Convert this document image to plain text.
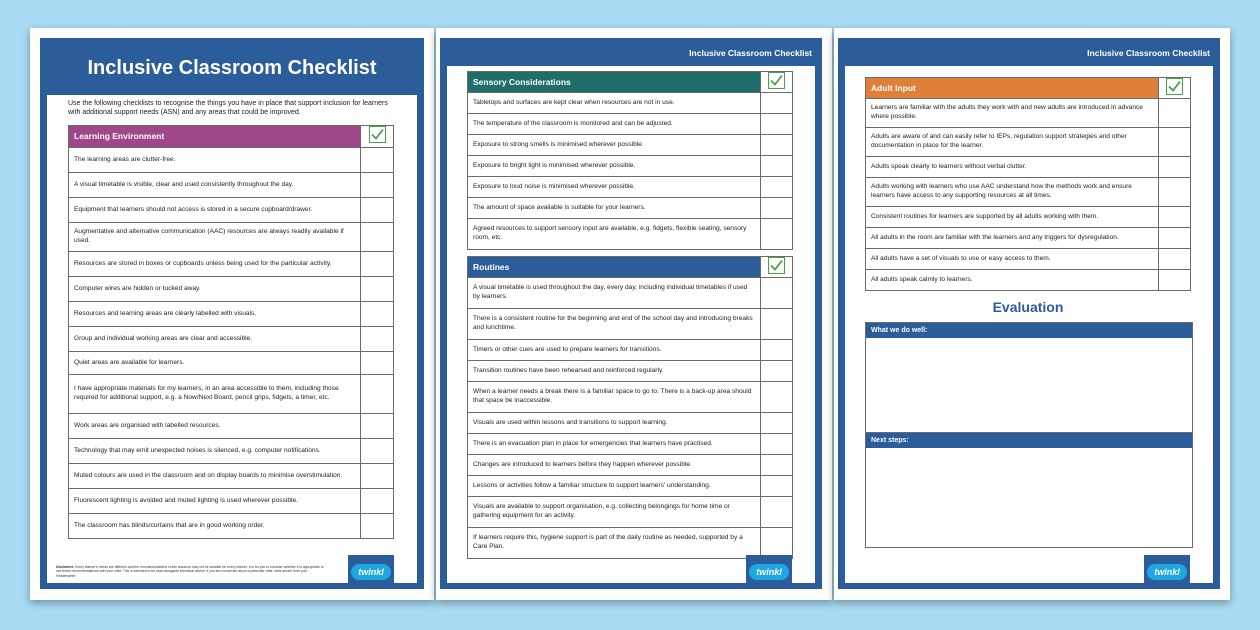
Inclusive Classroom Checklist
Use the following checklists to recognise the things you have in place that support inclusion for learners with additional support needs (ASN) and any areas that could be improved.
Learning Environment	
The learning areas are clutter-free.	
A visual timetable is visible, clear and used consistently throughout the day.	
Equipment that learners should not access is stored in a secure cupboard/drawer.	
Augmentative and alternative communication (AAC) resources are always readily available if used.	
Resources are stored in boxes or cupboards unless being used for the particular activity.	
Computer wires are hidden or tucked away.	
Resources and learning areas are clearly labelled with visuals.	
Group and individual working areas are clear and accessible.	
Quiet areas are available for learners.	
I have appropriate materials for my learners, in an area accessible to them, including those required for additional support, e.g. a Now/Next Board, pencil grips, fidgets, a timer, etc.	
Work areas are organised with labelled resources.	
Technology that may emit unexpected noises is silenced, e.g. computer notifications.	
Muted colours are used in the classroom and on display boards to minimise overstimulation.	
Fluorescent lighting is avoided and muted lighting is used wherever possible.	
The classroom has blinds/curtains that are in good working order.	
Disclaimer: Every learner's needs are different and the recommendations in this resource may not be suitable for every learner. It is for you to consider whether it is appropriate to use these recommendations with your child. This is intended to be used alongside individual advice, if you are concerned about a particular child, seek advice from your Headteacher.	twinkl
Inclusive Classroom Checklist
Sensory Considerations	
Tabletops and surfaces are kept clear when resources are not in use.	
The temperature of the classroom is monitored and can be adjusted.	
Exposure to strong smells is minimised wherever possible.	
Exposure to bright light is minimised wherever possible.	
Exposure to loud noise is minimised wherever possible.	
The amount of space available is suitable for your learners.	
Agreed resources to support sensory input are available, e.g. fidgets, flexible seating, sensory room, etc.	
Routines	
A visual timetable is used throughout the day, every day, including individual timetables if used by learners.	
There is a consistent routine for the beginning and end of the school day and introducing breaks and lunchtime.	
Timers or other cues are used to prepare learners for transitions.	
Transition routines have been rehearsed and reinforced regularly.	
When a learner needs a break there is a familiar space to go to. There is a back-up area should that space be inaccessible.	
Visuals are used within lessons and transitions to support learning.	
There is an evacuation plan in place for emergencies that learners have practised.	
Changes are introduced to learners before they happen wherever possible.	
Lessons or activities follow a familiar structure to support learners' understanding.	
Visuals are available to support organisation, e.g. collecting belongings for home time or gathering equipment for an activity.	
If learners require this, hygiene support is part of the daily routine as needed, supported by a Care Plan.	
twinkl
Inclusive Classroom Checklist
Adult Input	
Learners are familiar with the adults they work with and new adults are introduced in advance where possible.	
Adults are aware of and can easily refer to IEPs, regulation support strategies and other documentation in place for the learner.	
Adults speak clearly to learners without verbal clutter.	
Adults working with learners who use AAC understand how the methods work and ensure learners have access to any supporting resources at all times.	
Consistent routines for learners are supported by all adults working with them.	
All adults in the room are familiar with the learners and any triggers for dysregulation.	
All adults have a set of visuals to use or easy access to them.	
All adults speak calmly to learners.	
Evaluation
What we do well:
Next steps:
twinkl
